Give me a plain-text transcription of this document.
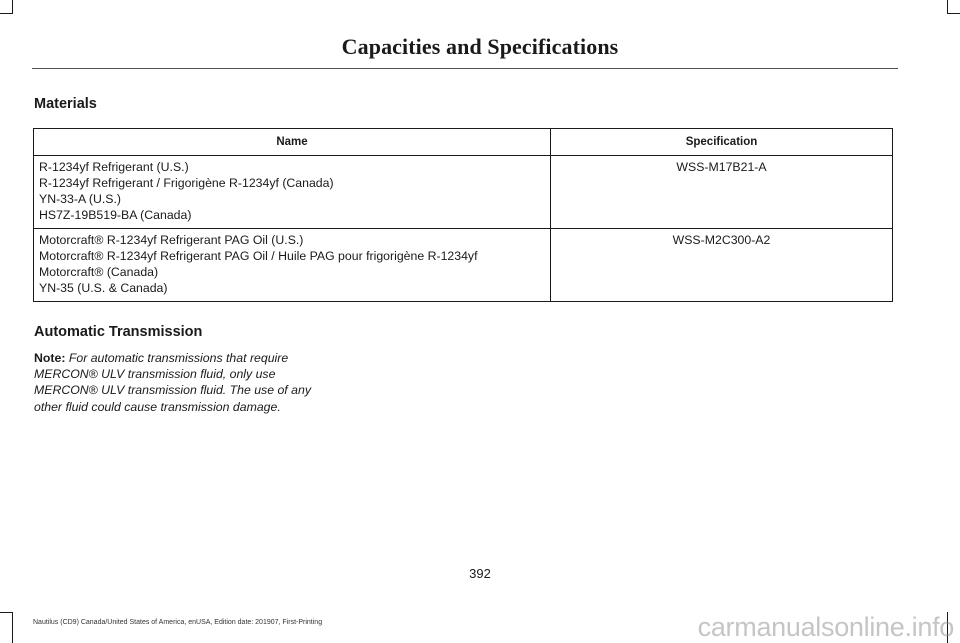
Capacities and Specifications
Materials
Name	Specification

R-1234yf Refrigerant (U.S.)
R-1234yf Refrigerant / Frigorigène R-1234yf (Canada)
YN-33-A (U.S.)
HS7Z-19B519-BA (Canada)	WSS-M17B21-A

Motorcraft® R-1234yf Refrigerant PAG Oil (U.S.)
Motorcraft® R-1234yf Refrigerant PAG Oil / Huile PAG pour frigorigène R-1234yf
Motorcraft® (Canada)
YN-35 (U.S. & Canada)	WSS-M2C300-A2
Automatic Transmission
Note: For automatic transmissions that require MERCON® ULV transmission fluid, only use MERCON® ULV transmission fluid. The use of any other fluid could cause transmission damage.
392
Nautilus (CD9) Canada/United States of America, enUSA, Edition date: 201907, First-Printing	carmanualsonline.info
